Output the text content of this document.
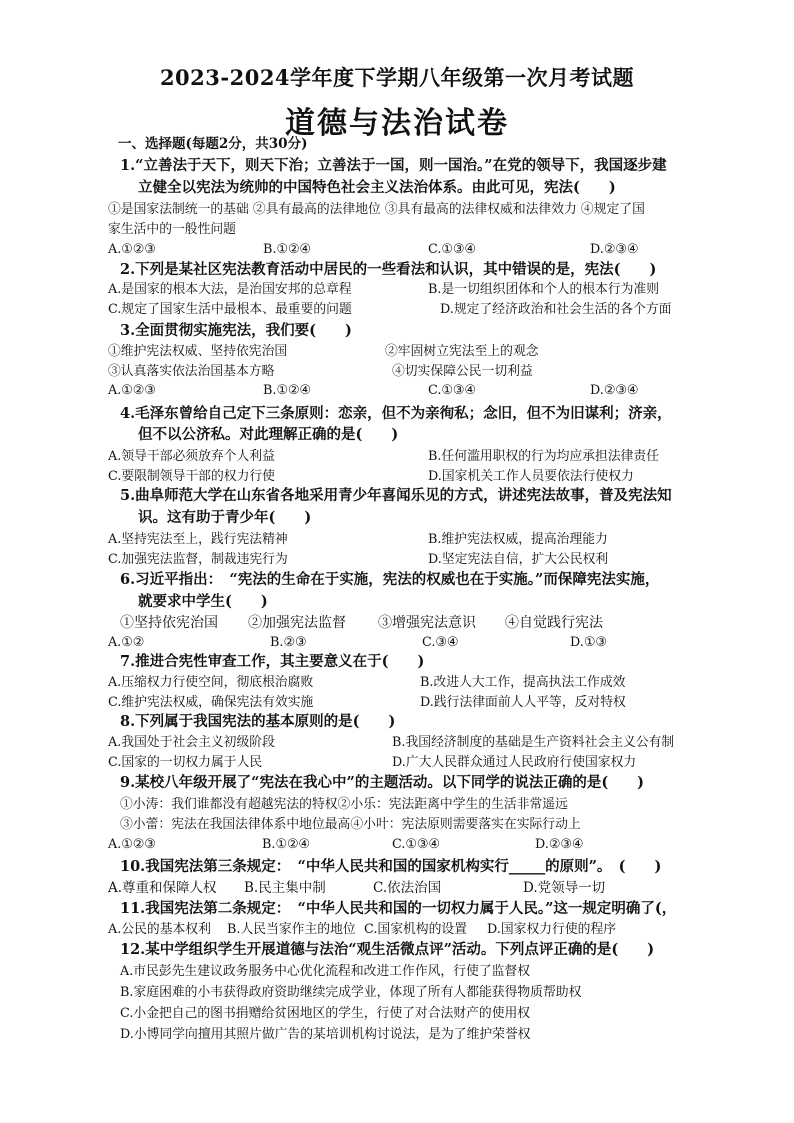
2023-2024学年度下学期八年级第一次月考试题
道德与法治试卷
一、选择题(每题2分，共30分)
1.“立善法于天下，则天下治；立善法于一国，则一国治。”在党的领导下，我国逐步建
立健全以宪法为统帅的中国特色社会主义法治体系。由此可见，宪法(　　)
①是国家法制统一的基础 ②具有最高的法律地位 ③具有最高的法律权威和法律效力 ④规定了国
家生活中的一般性问题
A.①②③	B.①②④	C.①③④	D.②③④
2.下列是某社区宪法教育活动中居民的一些看法和认识，其中错误的是，宪法(　　)
A.是国家的根本大法，是治国安邦的总章程	B.是一切组织团体和个人的根本行为准则
C.规定了国家生活中最根本、最重要的问题	D.规定了经济政治和社会生活的各个方面
3.全面贯彻实施宪法，我们要(　　)
①维护宪法权威、坚持依宪治国	②牢固树立宪法至上的观念
③认真落实依法治国基本方略	④切实保障公民一切利益
A.①②③	B.①②④	C.①③④	D.②③④
4.毛泽东曾给自己定下三条原则：恋亲，但不为亲徇私；念旧，但不为旧谋利；济亲，
但不以公济私。对此理解正确的是(　　)
A.领导干部必须放弃个人利益	B.任何滥用职权的行为均应承担法律责任
C.要限制领导干部的权力行使	D.国家机关工作人员要依法行使权力
5.曲阜师范大学在山东省各地采用青少年喜闻乐见的方式，讲述宪法故事，普及宪法知
识。这有助于青少年(　　)
A.坚持宪法至上，践行宪法精神	B.维护宪法权威，提高治理能力
C.加强宪法监督，制裁违宪行为	D.坚定宪法自信，扩大公民权利
6.习近平指出：　“宪法的生命在于实施，宪法的权威也在于实施。”而保障宪法实施，
就要求中学生(　　)
①坚持依宪治国 ②加强宪法监督 ③增强宪法意识 ④自觉践行宪法
A.①②	B.②③	C.③④	D.①③
7.推进合宪性审查工作，其主要意义在于(　　)
A.压缩权力行使空间，彻底根治腐败	B.改进人大工作，提高执法工作成效
C.维护宪法权威，确保宪法有效实施	D.践行法律面前人人平等，反对特权
8.下列属于我国宪法的基本原则的是(　　)
A.我国处于社会主义初级阶段	B.我国经济制度的基础是生产资料社会主义公有制
C.国家的一切权力属于人民	D.广大人民群众通过人民政府行使国家权力
9.某校八年级开展了“宪法在我心中”的主题活动。以下同学的说法正确的是(　　)
①小涛：我们谁都没有超越宪法的特权②小乐：宪法距离中学生的生活非常遥远
③小蕾：宪法在我国法律体系中地位最高④小叶：宪法原则需要落实在实际行动上
A.①②③	B.①②④	C.①③④	D.②③④
10.我国宪法第三条规定：　“中华人民共和国的国家机构实行_____的原则”。　(　　)
A.尊重和保障人权 B.民主集中制	C.依法治国	D.党领导一切
11.我国宪法第二条规定：　“中华人民共和国的一切权力属于人民。”这一规定明确了(，
A.公民的基本权利 B.人民当家作主的地位 C.国家机构的设置 D.国家权力行使的程序
12.某中学组织学生开展道德与法治“观生活微点评”活动。下列点评正确的是(　　)
A.市民彭先生建议政务服务中心优化流程和改进工作作风，行使了监督权
B.家庭困难的小韦获得政府资助继续完成学业，体现了所有人都能获得物质帮助权
C.小金把自己的图书捐赠给贫困地区的学生，行使了对合法财产的使用权
D.小博同学向擅用其照片做广告的某培训机构讨说法，是为了维护荣誉权
